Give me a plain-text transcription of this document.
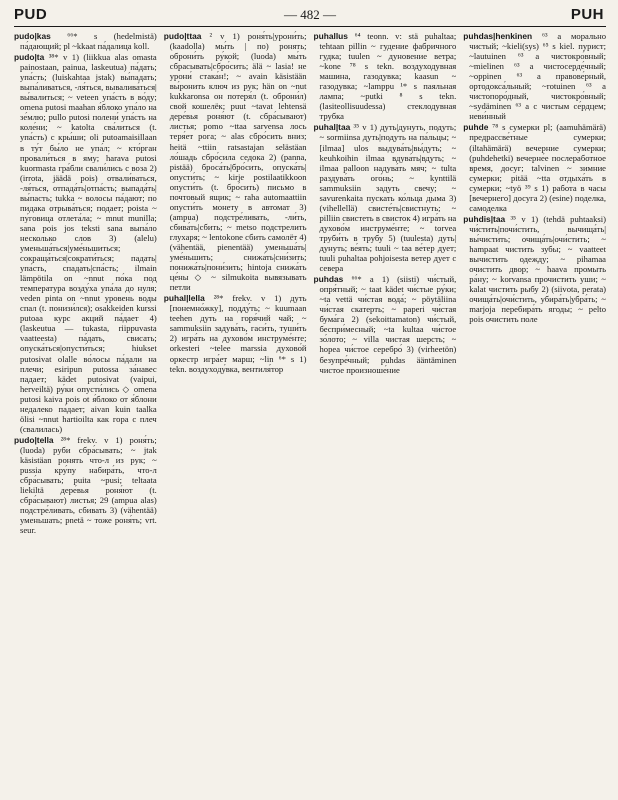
PUD	— 482 —	PUH

pudo|kas ⁶⁶* s (hedelmistä) па́дающий; pl ~kkaat па́далица koll.

pudo|ta ³⁸* v 1) (liikkua alas omasta painostaan, painua, laskeutua) па́дать; упа́сть; (luiskahtaa jstak) вы́падать; выпа́ливаться, -ля́ться, вывалива́ться|вы́валиться; ~ veteen упа́сть в во́ду; omena putosi maahan я́блоко упа́ло на зе́млю; pullo putosi полени́ упа́сть на коле́ни; ~ katolta сва́литься (t. упа́сть) с кры́ши; oli putoamaisillaan в ту́т бы́ло не упа́л; ~ кто́рган провали́ться в яму; harava putosi kuormasta гра́бли свали́лись с воза 2) (irrota, jäädä pois) отвали́ваться, -ля́ться, отпада́ть|отпа́сть; выпада́ть|вы́пасть; tukka ~ волосы па́дают; по пидака отрыва́ться; подает; poista ~ пу́говица отлета́ла; ~ mnut munilla; sana pois jos teksti sana выпа́ло несколько слов 3) (alelu) уменьша́ться|уме́ньшиться; сокраща́ться|сократи́ться; падать|упа́сть, спадать|спа́сть; ilmain lämpötila on ~nnut по́ка под температура возду́ха упа́ла до нуля; veden pinta on ~nnut уровень воды спал (t. понизи́лся); osakkeiden kurssi putoaa курс акций па́дает 4) (laskeutua — tukasta, riippuvasta vaatteesta) па́дать, свисать; опуска́ться|опусти́ться; hiukset putosivat olalle во́лосы па́дали на плечи; esiripun putossa за́навес падает; kädet putosivat (vaipui, herveiltä) ру́ки опусти́лись ◇ omena putosi kaiva pois ot я́блоко от я́блони недалеко па́дает; aivan kuin taalka ölisi ~nnut hartioilta как гора с плеч (свалилась)

pudo|tella ²⁸* frekv. v 1) роня́ть; (luoda) руби сбра́сывать; ~ jtak käsistäan ронять что-л из рук; ~ pussia кру́пу набира́ть, что-л сбра́сывать; puita ~pusi; teltaata liekiltä дере́вья роня́ют (t. сбра́сывают) листья; 29 (ampua alas) подстре́ливать, сбивать 3) (vähentää) уменьшать; pnetä ~ тоже роня́ть; vrt. seur.

pudo|ttaa ² v 1) роня́ть|урони́ть; (kaadolla) мы́ть | по) ронять; оброни́ть ру́кой; (luoda) мы́ть сбрасывать|сбро́сить; älä ~ lasia! не урони́ стака́н!; ~ avain käsistään вы́ронить ключ из рук; hän on ~nut kukkaronsa он потеря́л (t. оброни́л) свой кошелёк; puut ~tavat lehtensä дере́вья роня́ют (t. сбра́сывают) листья; pomo ~ttaa sarvensa лось теря́ет рога; ~ alas сбро́сить вниз; heitä ~ttiin ratsastajan selästäan ло́шадь сбро́сила седока 2) (panna, pistää) броса́ть|бро́сить, опуска́ть|опусти́ть; ~ kirje postilaatikkoon опусти́ть (t. бро́сить) письмо в почтовый ящик; ~ raha automaattiin опусти́ть монету в автомат 3) (ampua) подстре́ливать, -ли́ть, сбива́ть|сбить; ~ metso подстрелить глухаря; ~ lentokone сбить самолёт 4) (vähentää, pienentää) уменьша́ть|уме́ньшить; снижа́ть|сни́зить; понижа́ть|пони́зить; hintoja снижа́ть це́ны ◇ ~ silmukoita вывязывать петли

puhal|lella ²⁸* frekv. v 1) дуть [понемно́жку], подду́ть; ~ kuumaan teehen дуть на горя́чий чай; ~ sammuksiin задува́ть, гаси́ть, туши́ть 2) игра́ть на духово́м инструме́нте; orkesteri ~telee marssia духово́й оркестр игра́ет марш; ~lin ⁶* s 1) tekn. воздуходу́вка, вентиля́тор

puhallus ⁶⁴ teonn. v: stä puhaltaa; tehtaan pillin ~ гудение фабричного гудка; tuulen ~ дуновение ветра; ~kone ⁷⁸ s tekn. воздуходувная машина, газодувка; kaasun ~ газодувка; ~lamppu ¹* s паяльная лампа; ~putki ⁸ s tekn. (lasiteollisuudessa) стеклодувная трубка

puhal|taa ³⁵ v 1) дуть|дунуть, подуть; ~ sormiinsa дуть|подуть на па́льцы; ~ [ilmaa] ulos выдува́ть|вы́дуть; ~ keuhkoihin ilmaa вдува́ть|вдуть; ~ ilmaa palloon надува́ть мяч; ~ tulta раздува́ть ого́нь; ~ kynttilä sammuksiin задуть свечу; ~ savurenkaita пускать ко́льца дыма 3) (vihellellä) свисте́ть|свистнуть; ~ pilliin свистеть в свисток 4) игра́ть на духово́м инструме́нте; ~ torvea труби́ть в трубу 5) (tuulesta) дуть|дунуть; ве́ять; tuuli ~ taa ве́тер дует; tuuli puhaltaa pohjoisesta ветер дует с севера

puhdas ⁶⁶* a 1) (siisti) чи́стый, опря́тный; ~ taat kädet чи́стые ру́ки; ~ta vettä чи́стая вода́; ~ pöytäliina чи́стая скатерть; ~ paperi чи́стая бума́га 2) (sekoittamaton) чи́стый, беспри́месный; ~ta kultaa чи́стое зо́лото; ~ villa чистая шерсть; ~ hopea чи́стое серебро́ 3) (virheetön) безупре́чный; puhdas ääntäminen чистое произноше́ние

puhdas|henkinen ⁶³ a морально чистый; ~kieli(sys) ⁶⁵ s kiel. пурист; ~lautuinen ⁶³ a чистокро́вный; ~mielinen ⁶³ a чистосерде́чный; ~oppinen ⁶³ a правове́рный, ортодокса́льный; ~rotuinen ⁶³ a чистопоро́дный, чистокро́вный; ~sydäminen ⁶³ a с чистым се́рдцем; неви́нный

puhde ⁷⁸ s сумерки pl; (aamuhämärä) предрассве́тные сумерки; (iltahämärä) вечерние сумерки; (puhdehetki) вечерне́е послеработное время, досуг; talvinen ~ зимние сумерки; pitää ~tta отдыха́ть в сумерки; ~työ ³⁹ s 1) работа в часы [вечернего] досуга 2) (esine) поделка, самоделка

puhdis|taa ³⁵ v 1) (tehdä puhtaaksi) чи́стить|почи́стить, вычища́ть|вы́чистить; очища́ть|очи́стить; ~ hampaat чистить зубы; ~ vaatteet вычистить одежду; ~ pihamaa очистить двор; ~ haava промыть ра́ну; ~ korvansa прочистить уши; ~ kalat чистить рыбу 2) (siivota, perata) очища́ть|очи́стить, убира́ть|убра́ть; ~ marjoja перебира́ть ягоды; ~ pelto pois очистить поле
